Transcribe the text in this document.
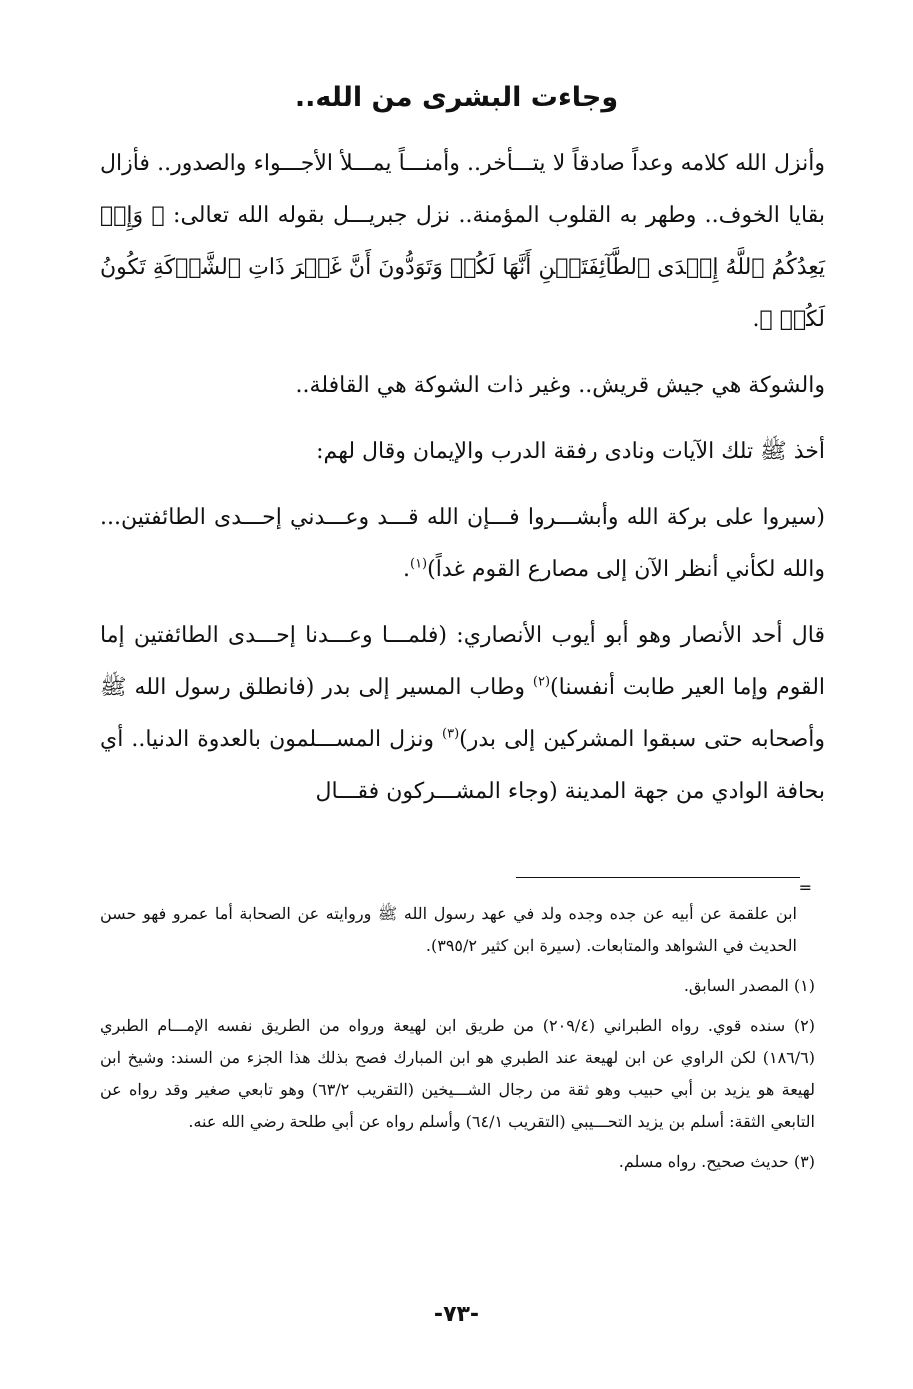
وجاءت البشرى من الله..

وأنزل الله كلامه وعداً صادقاً لا يتـــأخر.. وأمنـــاً يمـــلأ الأجـــواء والصدور.. فأزال بقايا الخوف.. وطهر به القلوب المؤمنة.. نزل جبريـــل بقوله الله تعالى: ﴿ وَإِذۡ يَعِدُكُمُ ٱللَّهُ إِحۡدَى ٱلطَّآئِفَتَيۡنِ أَنَّهَا لَكُمۡ وَتَوَدُّونَ أَنَّ غَيۡرَ ذَاتِ ٱلشَّوۡكَةِ تَكُونُ لَكُمۡ ﴾.

والشوكة هي جيش قريش.. وغير ذات الشوكة هي القافلة..

أخذ ﷺ تلك الآيات ونادى رفقة الدرب والإيمان وقال لهم:

(سيروا على بركة الله وأبشـــروا فـــإن الله قـــد وعـــدني إحـــدى الطائفتين... والله لكأني أنظر الآن إلى مصارع القوم غداً)$^{(١)}$.

قال أحد الأنصار وهو أبو أيوب الأنصاري: (فلمـــا وعـــدنا إحـــدى الطائفتين إما القوم وإما العير طابت أنفسنا)$^{(٢)}$ وطاب المسير إلى بدر (فانطلق رسول الله ﷺ وأصحابه حتى سبقوا المشركين إلى بدر)$^{(٣)}$ ونزل المســـلمون بالعدوة الدنيا.. أي بحافة الوادي من جهة المدينة (وجاء المشـــركون فقـــال

=

ابن علقمة عن أبيه عن جده وجده ولد في عهد رسول الله ﷺ وروايته عن الصحابة أما عمرو فهو حسن الحديث في الشواهد والمتابعات. (سيرة ابن كثير ٣٩٥/٢).

(١) المصدر السابق.

(٢) سنده قوي. رواه الطبراني (٢٠٩/٤) من طريق ابن لهيعة ورواه من الطريق نفسه الإمـــام الطبري (١٨٦/٦) لكن الراوي عن ابن لهيعة عند الطبري هو ابن المبارك فصح بذلك هذا الجزء من السند: وشيخ ابن لهيعة هو يزيد بن أبي حبيب وهو ثقة من رجال الشـــيخين (التقريب ٦٣/٢) وهو تابعي صغير وقد رواه عن التابعي الثقة: أسلم بن يزيد التحـــيبي (التقريب ٦٤/١) وأسلم رواه عن أبي طلحة رضي الله عنه.

(٣) حديث صحيح. رواه مسلم.

-٧٣-
